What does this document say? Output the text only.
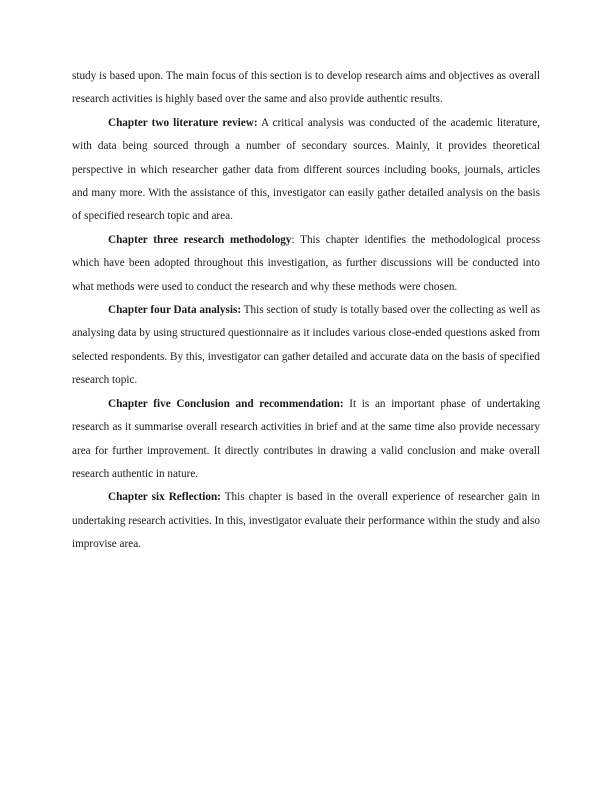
study is based upon. The main focus of this section is to develop research aims and objectives as overall research activities is highly based over the same and also provide authentic results.

Chapter two literature review: A critical analysis was conducted of the academic literature, with data being sourced through a number of secondary sources. Mainly, it provides theoretical perspective in which researcher gather data from different sources including books, journals, articles and many more. With the assistance of this, investigator can easily gather detailed analysis on the basis of specified research topic and area.

Chapter three research methodology: This chapter identifies the methodological process which have been adopted throughout this investigation, as further discussions will be conducted into what methods were used to conduct the research and why these methods were chosen.

Chapter four Data analysis: This section of study is totally based over the collecting as well as analysing data by using structured questionnaire as it includes various close-ended questions asked from selected respondents. By this, investigator can gather detailed and accurate data on the basis of specified research topic.

Chapter five Conclusion and recommendation: It is an important phase of undertaking research as it summarise overall research activities in brief and at the same time also provide necessary area for further improvement. It directly contributes in drawing a valid conclusion and make overall research authentic in nature.

Chapter six Reflection: This chapter is based in the overall experience of researcher gain in undertaking research activities. In this, investigator evaluate their performance within the study and also improvise area.
